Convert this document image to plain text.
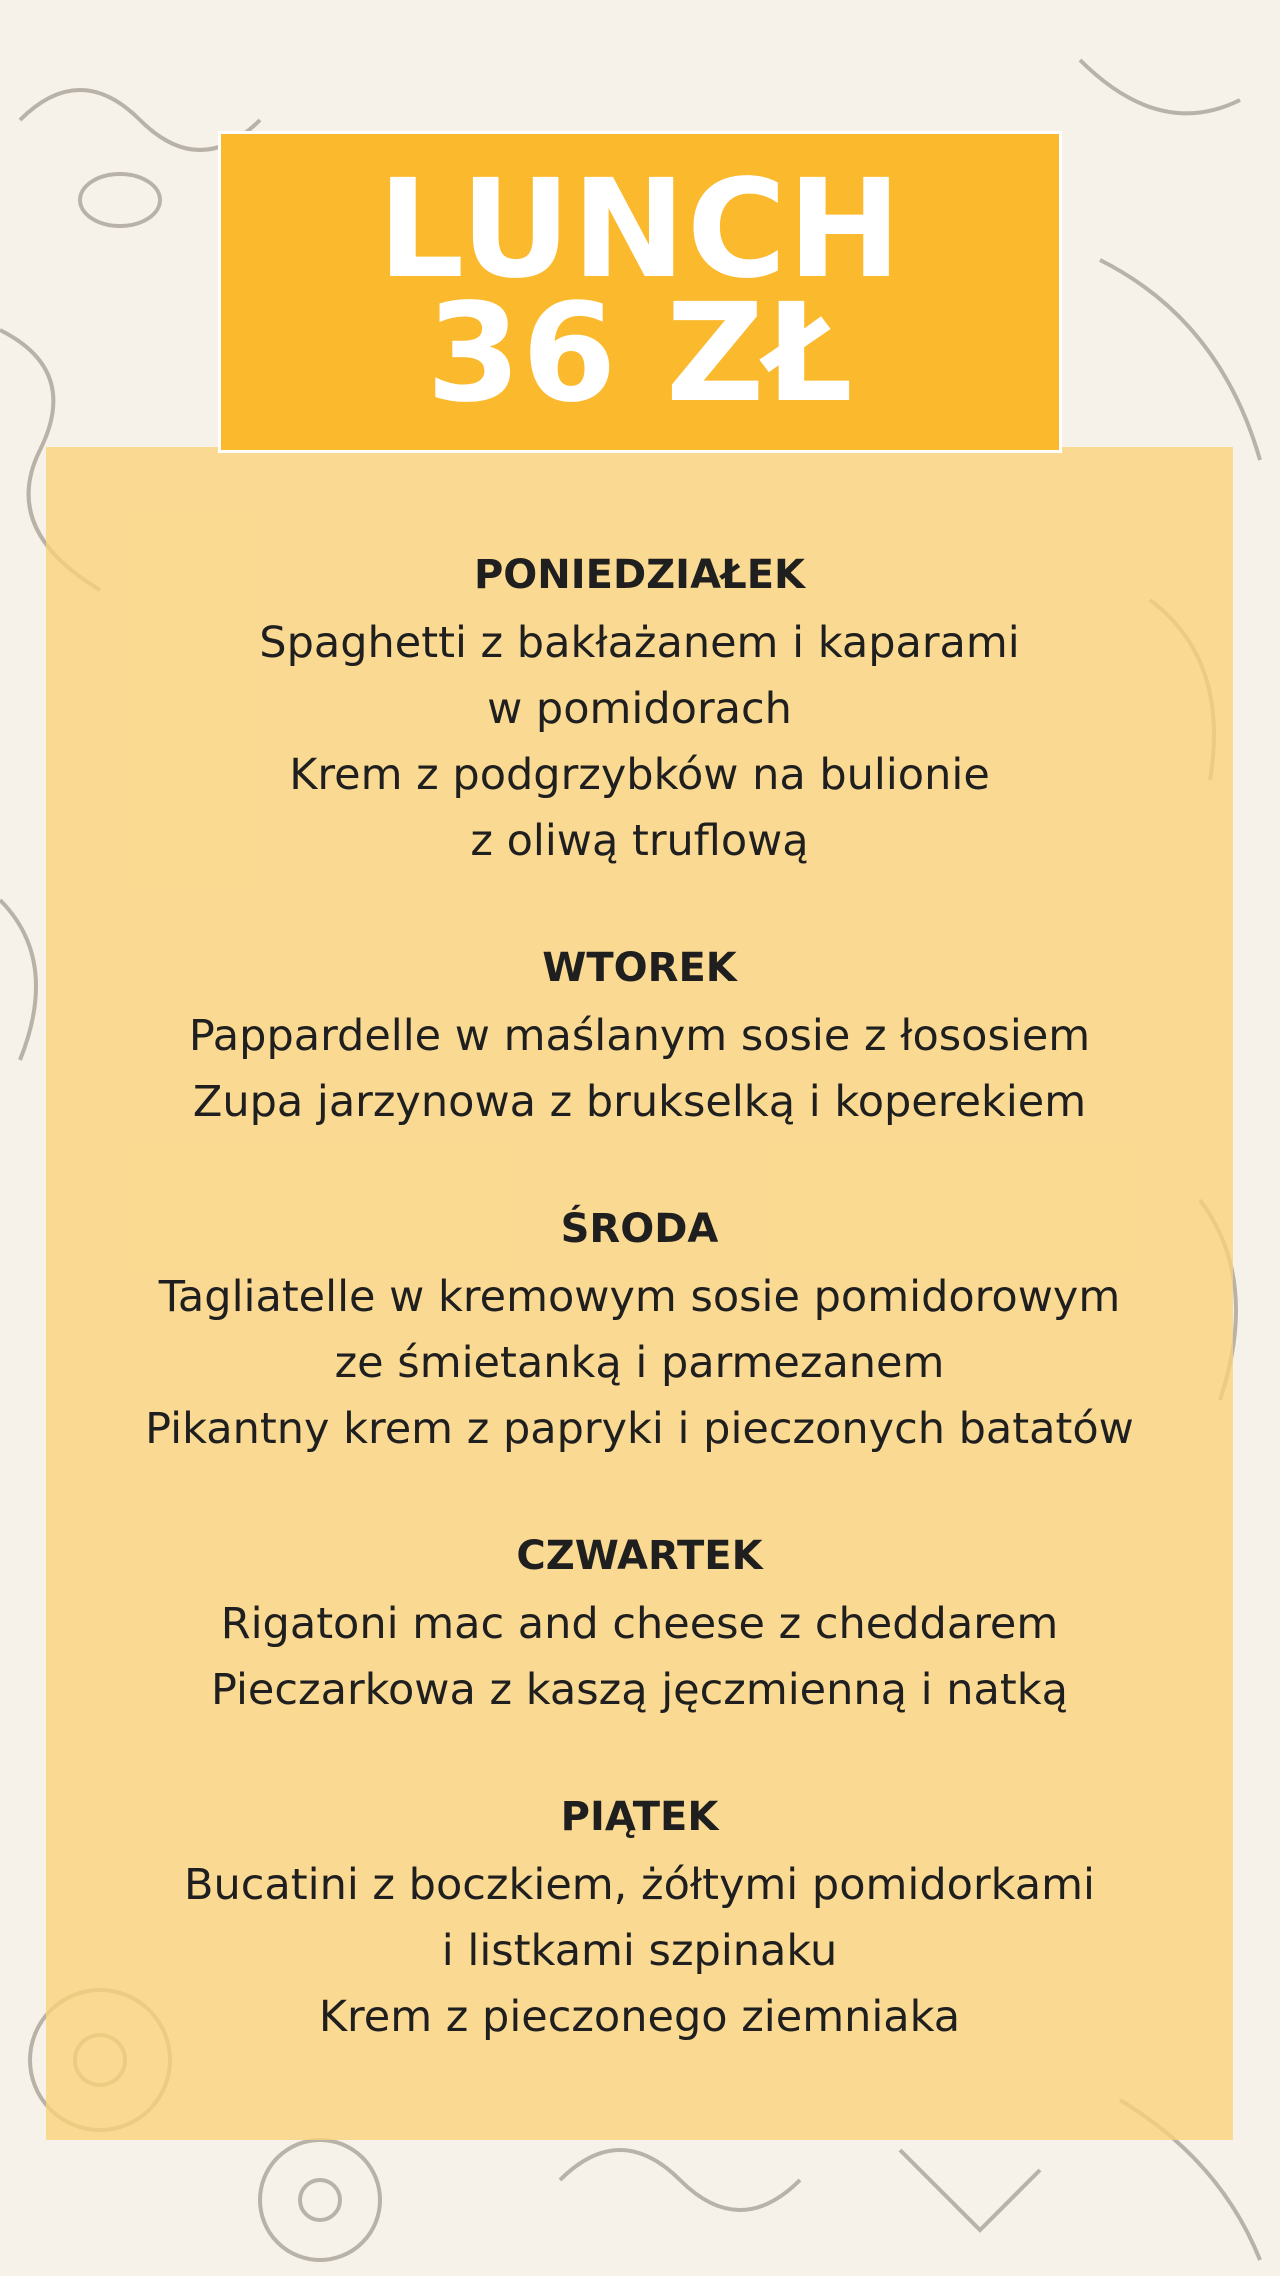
LUNCH
36 ZŁ
PONIEDZIAŁEK
Spaghetti z bakłażanem i kaparami
w pomidorach
Krem z podgrzybków na bulionie
z oliwą truflową
WTOREK
Pappardelle w maślanym sosie z łososiem
Zupa jarzynowa z brukselką i koperekiem
ŚRODA
Tagliatelle w kremowym sosie pomidorowym
ze śmietanką i parmezanem
Pikantny krem z papryki i pieczonych batatów
CZWARTEK
Rigatoni mac and cheese z cheddarem
Pieczarkowa z kaszą jęczmienną i natką
PIĄTEK
Bucatini z boczkiem, żółtymi pomidorkami
i listkami szpinaku
Krem z pieczonego ziemniaka
